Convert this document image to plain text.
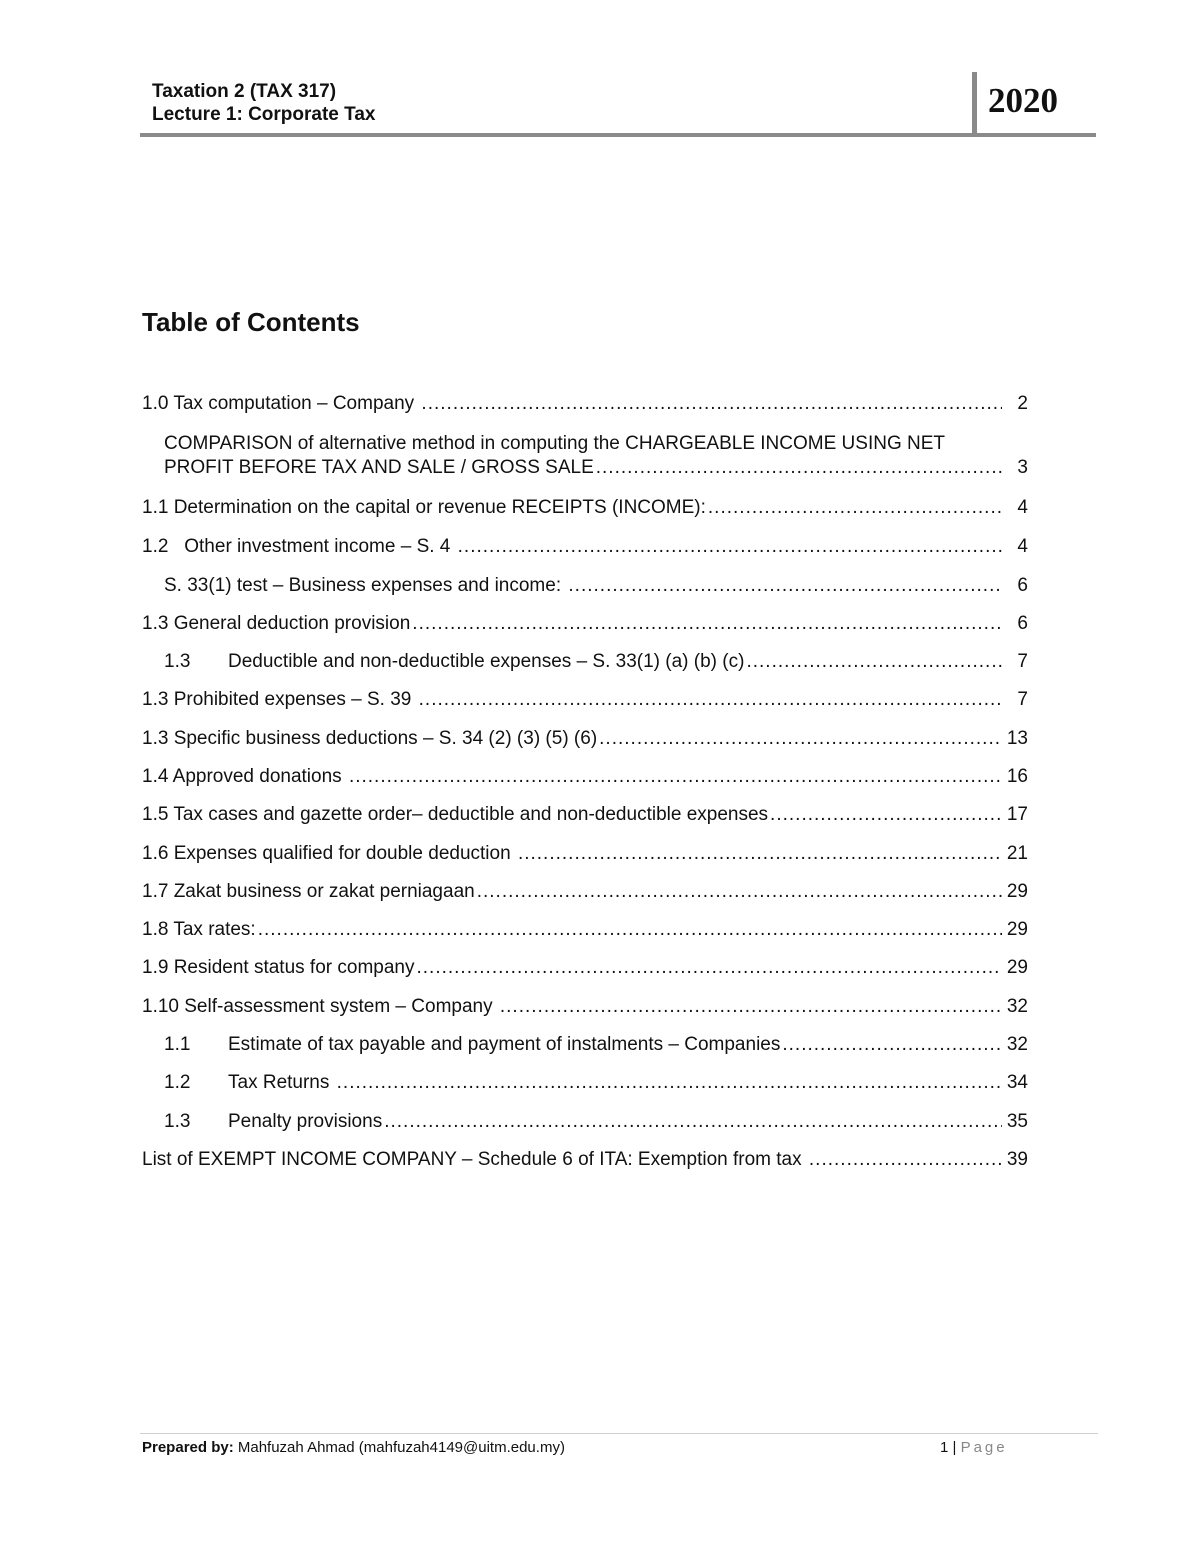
Taxation 2 (TAX 317)
Lecture 1: Corporate Tax	2020
Table of Contents
1.0 Tax computation – Company .....	2
COMPARISON of alternative method in computing the CHARGEABLE INCOME USING NET
PROFIT BEFORE TAX AND SALE / GROSS SALE .....	3
1.1 Determination on the capital or revenue RECEIPTS (INCOME): .....	4
1.2   Other investment income – S. 4 .....	4
S. 33(1) test – Business expenses and income: .....	6
1.3 General deduction provision .....	6
1.3 Deductible and non-deductible expenses – S. 33(1) (a) (b) (c) .....	7
1.3 Prohibited expenses – S. 39 .....	7
1.3 Specific business deductions – S. 34 (2) (3) (5) (6) .....	13
1.4 Approved donations .....	16
1.5 Tax cases and gazette order– deductible and non-deductible expenses .....	17
1.6 Expenses qualified for double deduction .....	21
1.7 Zakat business or zakat perniagaan .....	29
1.8 Tax rates: .....	29
1.9 Resident status for company .....	29
1.10 Self-assessment system – Company .....	32
1.1 Estimate of tax payable and payment of instalments – Companies .....	32
1.2 Tax Returns .....	34
1.3 Penalty provisions .....	35
List of EXEMPT INCOME COMPANY – Schedule 6 of ITA: Exemption from tax .....	39
Prepared by: Mahfuzah Ahmad (mahfuzah4149@uitm.edu.my)	1 | Page
